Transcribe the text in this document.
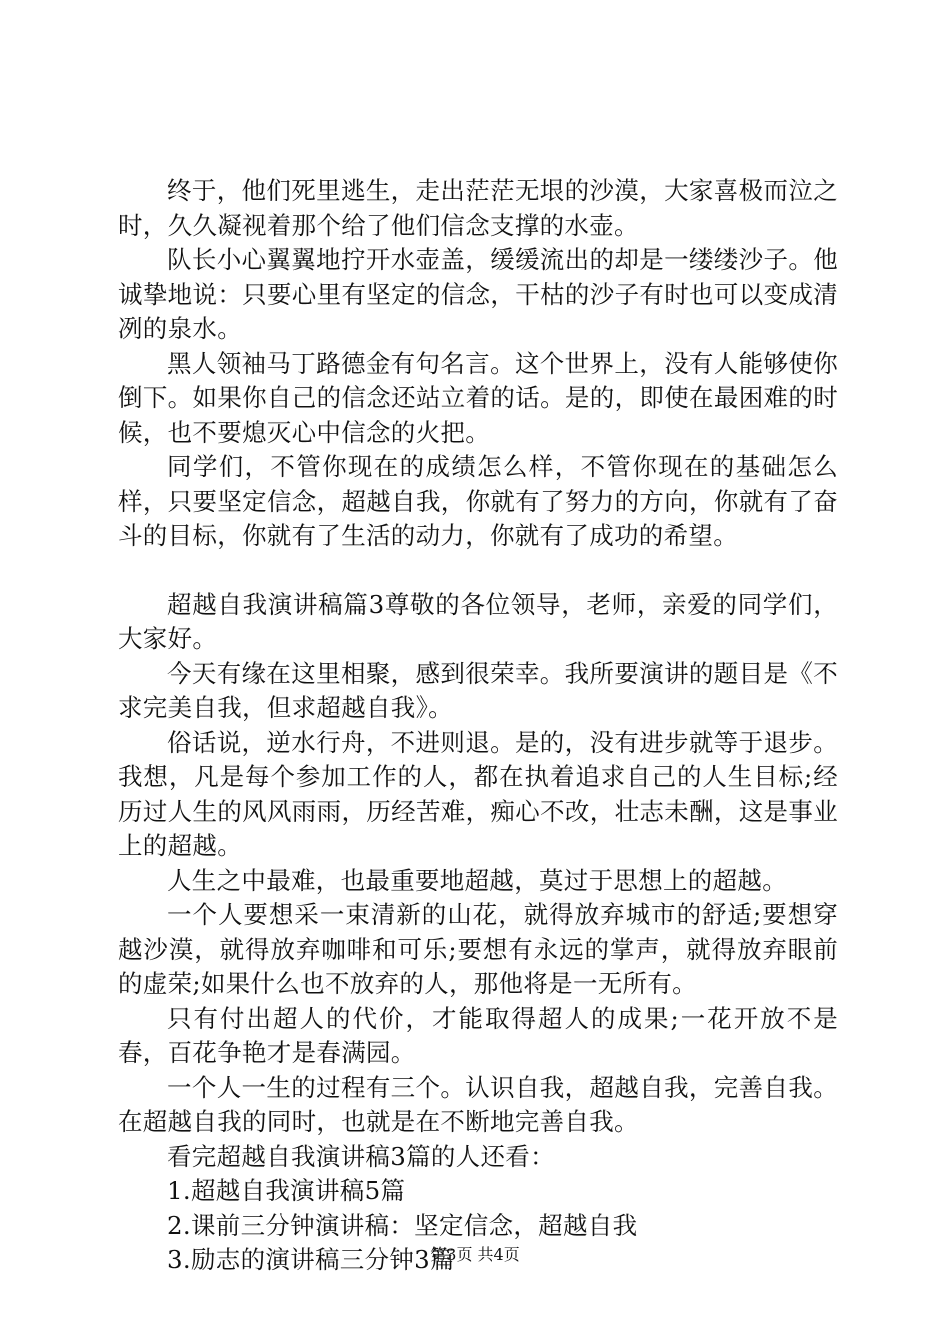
终于，他们死里逃生，走出茫茫无垠的沙漠，大家喜极而泣之时，久久凝视着那个给了他们信念支撑的水壶。

队长小心翼翼地拧开水壶盖，缓缓流出的却是一缕缕沙子。他诚挚地说：只要心里有坚定的信念，干枯的沙子有时也可以变成清冽的泉水。

黑人领袖马丁路德金有句名言。这个世界上，没有人能够使你倒下。如果你自己的信念还站立着的话。是的，即使在最困难的时候，也不要熄灭心中信念的火把。

同学们，不管你现在的成绩怎么样，不管你现在的基础怎么样，只要坚定信念，超越自我，你就有了努力的方向，你就有了奋斗的目标，你就有了生活的动力，你就有了成功的希望。

超越自我演讲稿篇3尊敬的各位领导，老师，亲爱的同学们，大家好。

今天有缘在这里相聚，感到很荣幸。我所要演讲的题目是《不求完美自我，但求超越自我》。

俗话说，逆水行舟，不进则退。是的，没有进步就等于退步。我想，凡是每个参加工作的人，都在执着追求自己的人生目标;经历过人生的风风雨雨，历经苦难，痴心不改，壮志未酬，这是事业上的超越。

人生之中最难，也最重要地超越，莫过于思想上的超越。

一个人要想采一束清新的山花，就得放弃城市的舒适;要想穿越沙漠，就得放弃咖啡和可乐;要想有永远的掌声，就得放弃眼前的虚荣;如果什么也不放弃的人，那他将是一无所有。

只有付出超人的代价，才能取得超人的成果;一花开放不是春，百花争艳才是春满园。

一个人一生的过程有三个。认识自我，超越自我，完善自我。在超越自我的同时，也就是在不断地完善自我。

看完超越自我演讲稿3篇的人还看：

1.超越自我演讲稿5篇

2.课前三分钟演讲稿：坚定信念，超越自我

3.励志的演讲稿三分钟3篇

第3页 共4页
